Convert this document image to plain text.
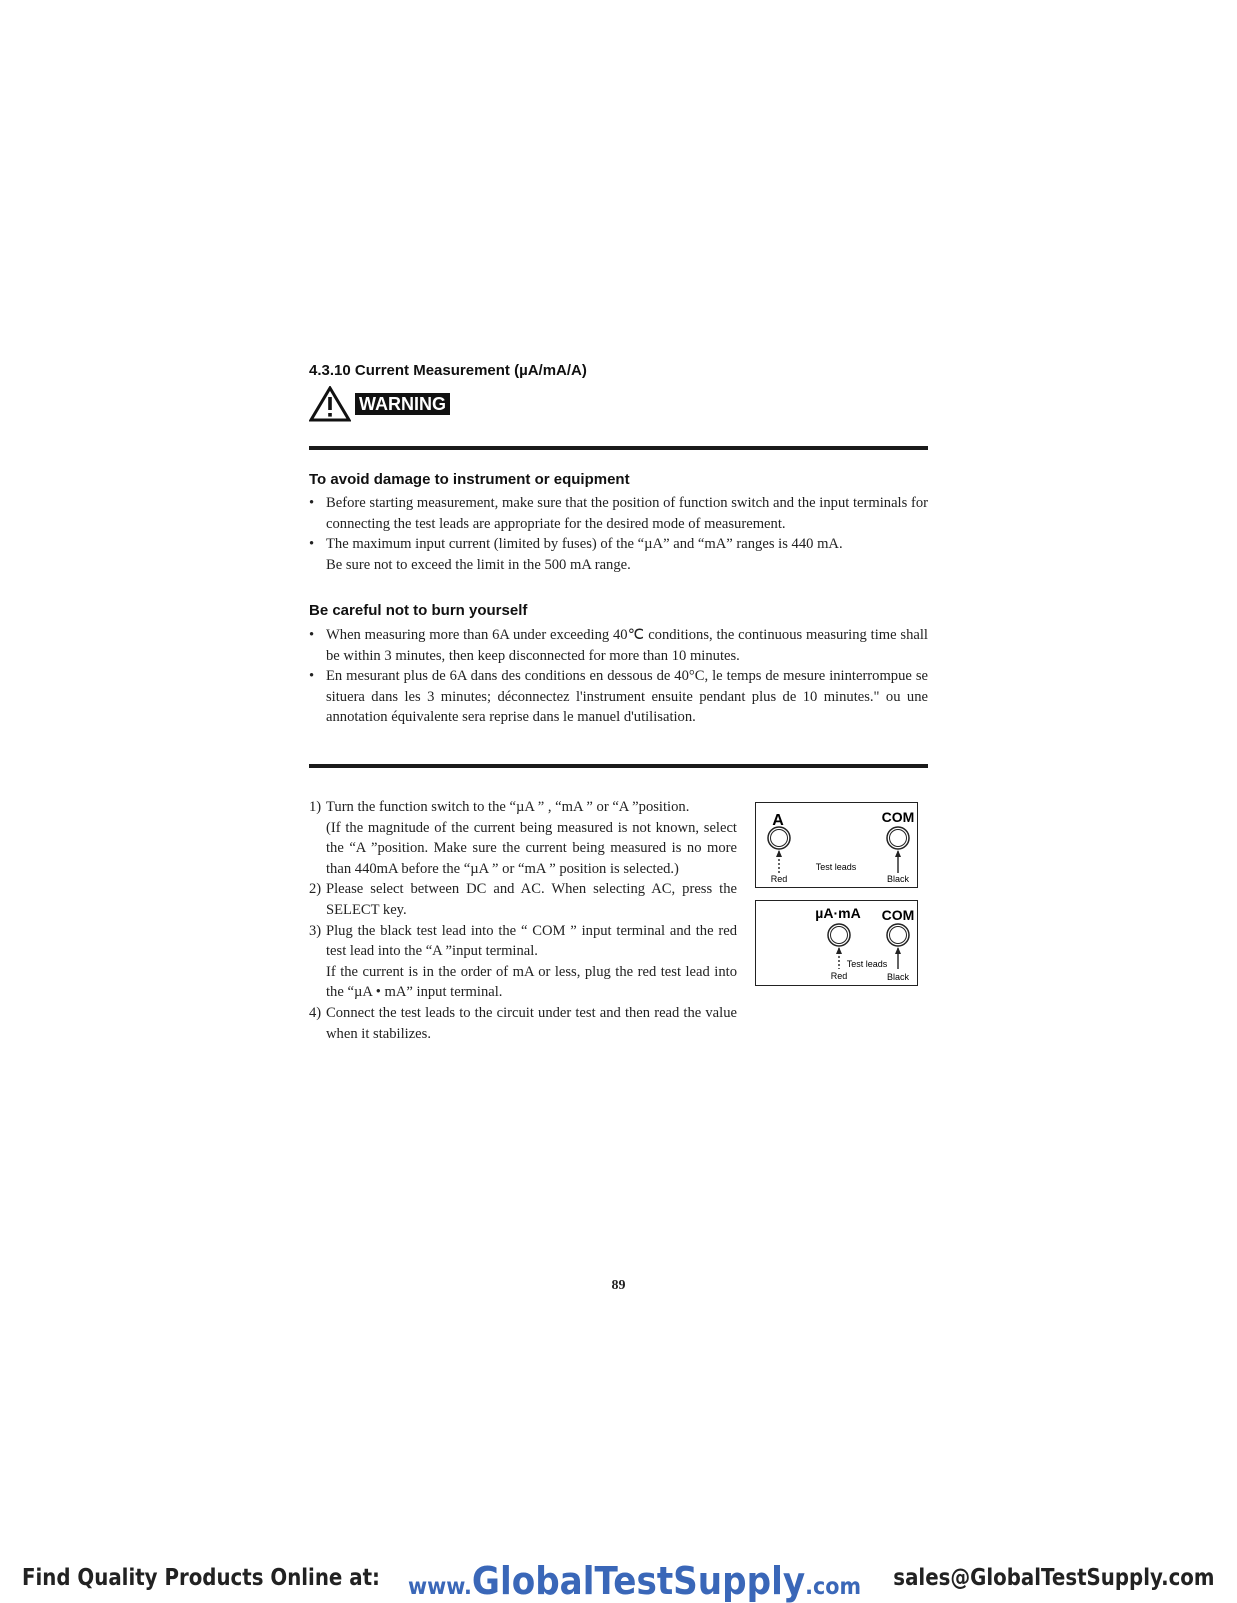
4.3.10 Current Measurement (µA/mA/A)
WARNING
To avoid damage to instrument or equipment
• Before starting measurement, make sure that the position of function switch and the input terminals for connecting the test leads are appropriate for the desired mode of measurement.
• The maximum input current (limited by fuses) of the “µA” and “mA” ranges is 440 mA.
Be sure not to exceed the limit in the 500 mA range.
Be careful not to burn yourself
• When measuring more than 6A under exceeding 40℃ conditions, the continuous measuring time shall be within 3 minutes, then keep disconnected for more than 10 minutes.
• En mesurant plus de 6A dans des conditions en dessous de 40°C, le temps de mesure ininterrompue se situera dans les 3 minutes; déconnectez l'instrument ensuite pendant plus de 10 minutes." ou une annotation équivalente sera reprise dans le manuel d'utilisation.
1) Turn the function switch to the “µA ” , “mA ” or “A ”position.
(If the magnitude of the current being measured is not known, select the “A ”position. Make sure the current being measured is no more than 440mA before the “µA ” or “mA ” position is selected.)
2) Please select between DC and AC. When selecting AC, press the SELECT key.
3) Plug the black test lead into the “ COM ” input terminal and the red test lead into the “A ”input terminal.
If the current is in the order of mA or less, plug the red test lead into the “µA • mA” input terminal.
4) Connect the test leads to the circuit under test and then read the value when it stabilizes.
A	COM
Test leads
Red	Black
µA·mA COM
Test leads
Red	Black
89
Find Quality Products Online at: www.GlobalTestSupply.com sales@GlobalTestSupply.com
